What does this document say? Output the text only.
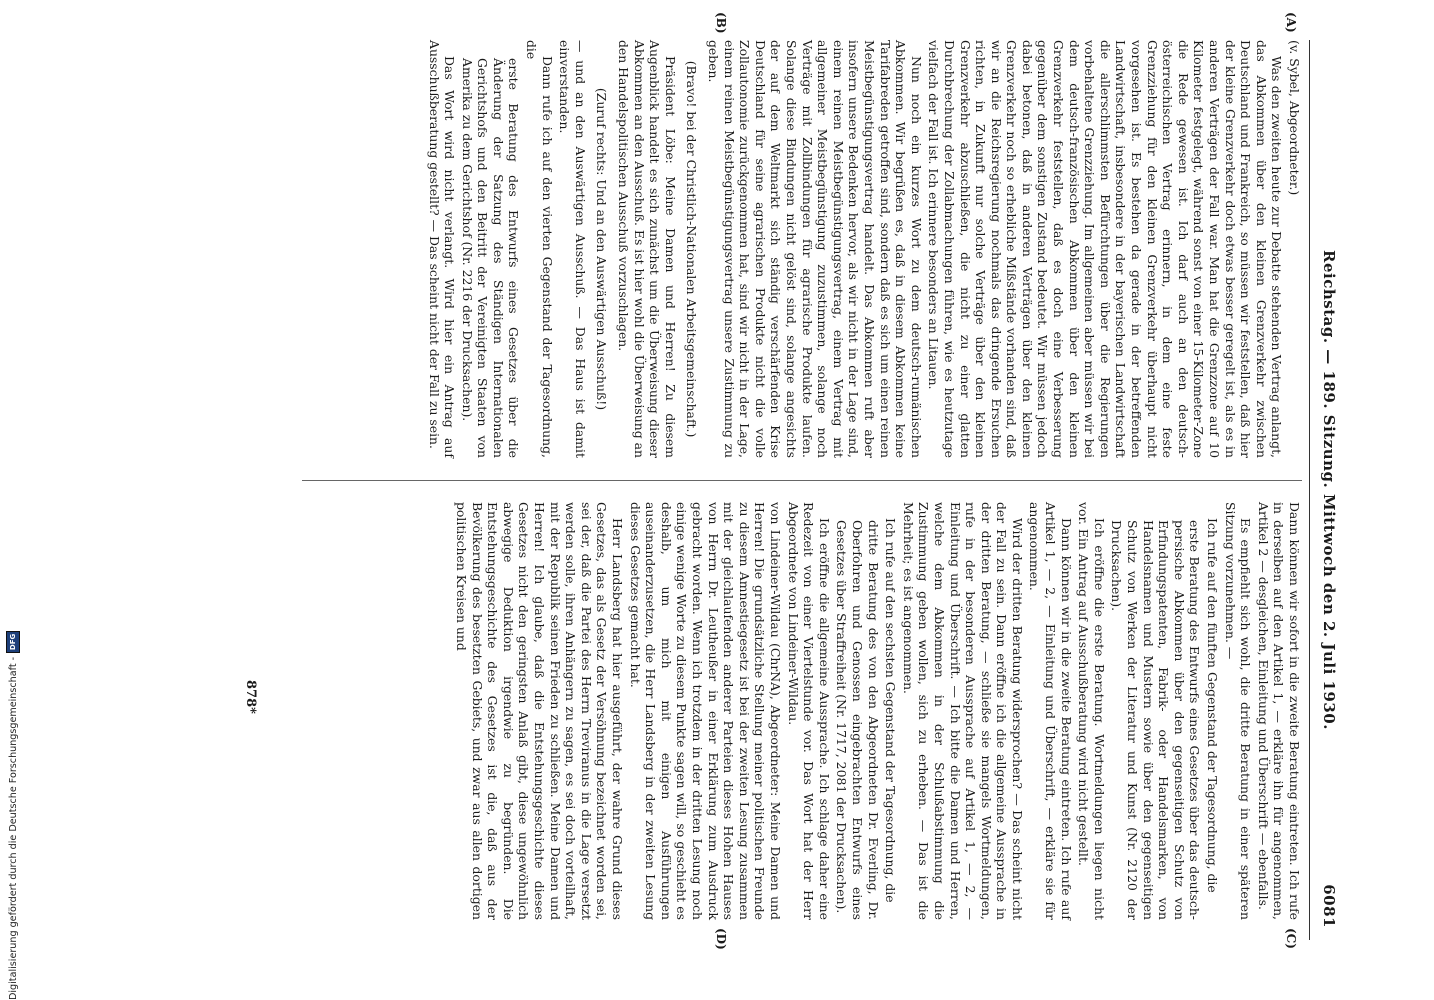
Digitalisierung gefördert durch die Deutsche Forschungsgemeinschaft -
DFG	Reichstag. — 189. Sitzung. Mittwoch den 2. Juli 1930.
6081
(A)
(B)
(C)
(D)

(v. Sybel, Abgeordneter.)

Was den zweiten heute zur Debatte stehenden Vertrag anlangt, das Abkommen über den kleinen Grenzverkehr zwischen Deutschland und Frankreich, so müssen wir feststellen, daß hier der kleine Grenzverkehr doch etwas besser geregelt ist, als es in anderen Verträgen der Fall war. Man hat die Grenzzone auf 10 Kilometer festgelegt, während sonst von einer 15-Kilometer-Zone die Rede gewesen ist. Ich darf auch an den deutsch-österreichischen Vertrag erinnern, in dem eine feste Grenzziehung für den kleinen Grenzverkehr überhaupt nicht vorgesehen ist. Es bestehen da gerade in der betreffenden Landwirtschaft, insbesondere in der bayerischen Landwirtschaft die allerschlimmsten Befürchtungen über die Regierungen vorbehaltene Grenzziehung. Im allgemeinen aber müssen wir bei dem deutsch-französischen Abkommen über den kleinen Grenzverkehr feststellen, daß es doch eine Verbesserung gegenüber dem sonstigen Zustand bedeutet. Wir müssen jedoch dabei betonen, daß in anderen Verträgen über den kleinen Grenzverkehr noch so erhebliche Mißstände vorhanden sind, daß wir an die Reichsregierung nochmals das dringende Ersuchen richten, in Zukunft nur solche Verträge über den kleinen Grenzverkehr abzuschließen, die nicht zu einer glatten Durchbrechung der Zollabmachungen führen, wie es heutzutage vielfach der Fall ist. Ich erinnere besonders an Litauen.

Nun noch ein kurzes Wort zu dem deutsch-rumänischen Abkommen. Wir begrüßen es, daß in diesem Abkommen keine Tarifabreden getroffen sind, sondern daß es sich um einen reinen Meistbegünstigungsvertrag handelt. Das Abkommen ruft aber insofern unsere Bedenken hervor, als wir nicht in der Lage sind, einem reinen Meistbegünstigungsvertrag, einem Vertrag mit allgemeiner Meistbegünstigung zuzustimmen, solange noch Verträge mit Zollbindungen für agrarische Produkte laufen. Solange diese Bindungen nicht gelöst sind, solange angesichts der auf dem Weltmarkt sich ständig verschärfenden Krise Deutschland für seine agrarischen Produkte nicht die volle Zollautonomie zurückgenommen hat, sind wir nicht in der Lage, einem reinen Meistbegünstigungsvertrag unsere Zustimmung zu geben.

(Bravo! bei der Christlich-Nationalen Arbeitsgemeinschaft.)

Präsident Löbe: Meine Damen und Herren! Zu diesem Augenblick handelt es sich zunächst um die Überweisung dieser Abkommen an den Ausschuß. Es ist hier wohl die Überweisung an den Handelspolitischen Ausschuß vorzuschlagen.

(Zuruf rechts: Und an den Auswärtigen Ausschuß!)

— und an den Auswärtigen Ausschuß. — Das Haus ist damit einverstanden.

Dann rufe ich auf den vierten Gegenstand der Tagesordnung, die

erste Beratung des Entwurfs eines Gesetzes über die Änderung der Satzung des Ständigen Internationalen Gerichtshofs und den Beitritt der Vereinigten Staaten von Amerika zu dem Gerichtshof (Nr. 2216 der Drucksachen).

Das Wort wird nicht verlangt. Wird hier ein Antrag auf Ausschußberatung gestellt? — Das scheint nicht der Fall zu sein.

Dann können wir sofort in die zweite Beratung eintreten. Ich rufe in derselben auf den Artikel 1, — erkläre ihn für angenommen, Artikel 2 — desgleichen, Einleitung und Überschrift — ebenfalls.

Es empfiehlt sich wohl, die dritte Beratung in einer späteren Sitzung vorzunehmen. —

Ich rufe auf den fünften Gegenstand der Tagesordnung, die

erste Beratung des Entwurfs eines Gesetzes über das deutsch-persische Abkommen über den gegenseitigen Schutz von Erfindungspatenten, Fabrik- oder Handelsmarken, von Handelsnamen und Mustern sowie über den gegenseitigen Schutz von Werken der Literatur und Kunst (Nr. 2120 der Drucksachen).

Ich eröffne die erste Beratung. Wortmeldungen liegen nicht vor. Ein Antrag auf Ausschußberatung wird nicht gestellt.

Dann können wir in die zweite Beratung eintreten. Ich rufe auf Artikel 1, — 2, — Einleitung und Überschrift, — erkläre sie für angenommen.

Wird der dritten Beratung widersprochen? — Das scheint nicht der Fall zu sein. Dann eröffne ich die allgemeine Aussprache in der dritten Beratung, — schließe sie mangels Wortmeldungen, rufe in der besonderen Aussprache auf Artikel 1, — 2, — Einleitung und Überschrift. — Ich bitte die Damen und Herren, welche dem Abkommen in der Schlußabstimmung die Zustimmung geben wollen, sich zu erheben. — Das ist die Mehrheit; es ist angenommen.

Ich rufe auf den sechsten Gegenstand der Tagesordnung, die

dritte Beratung des von den Abgeordneten Dr. Everling, Dr. Oberfohren und Genossen eingebrachten Entwurfs eines Gesetzes über Straffreiheit (Nr. 1717, 2081 der Drucksachen).

Ich eröffne die allgemeine Aussprache. Ich schlage daher eine Redezeit von einer Viertelstunde vor. Das Wort hat der Herr Abgeordnete von Lindeiner-Wildau.

von Lindeiner-Wildau (ChrNA), Abgeordneter: Meine Damen und Herren! Die grundsätzliche Stellung meiner politischen Freunde zu diesem Amnestiegesetz ist bei der zweiten Lesung zusammen mit der gleichlaufenden anderer Parteien dieses Hohen Hauses von Herrn Dr. Leutheußer in einer Erklärung zum Ausdruck gebracht worden. Wenn ich trotzdem in der dritten Lesung noch einige wenige Worte zu diesem Punkte sagen will, so geschieht es deshalb, um mich mit einigen Ausführungen auseinanderzusetzen, die Herr Landsberg in der zweiten Lesung dieses Gesetzes gemacht hat.

Herr Landsberg hat hier ausgeführt, der wahre Grund dieses Gesetzes, das als Gesetz der Versöhnung bezeichnet worden sei, sei der, daß die Partei des Herrn Treviranus in die Lage versetzt werden solle, ihren Anhängern zu sagen, es sei doch vorteilhaft, mit der Republik seinen Frieden zu schließen. Meine Damen und Herren! Ich glaube, daß die Entstehungsgeschichte dieses Gesetzes nicht den geringsten Anlaß gibt, diese ungewöhnlich abwegige Deduktion irgendwie zu begründen. Die Entstehungsgeschichte des Gesetzes ist die, daß aus der Bevölkerung des besetzten Gebiets, und zwar aus allen dortigen politischen Kreisen und

878*
